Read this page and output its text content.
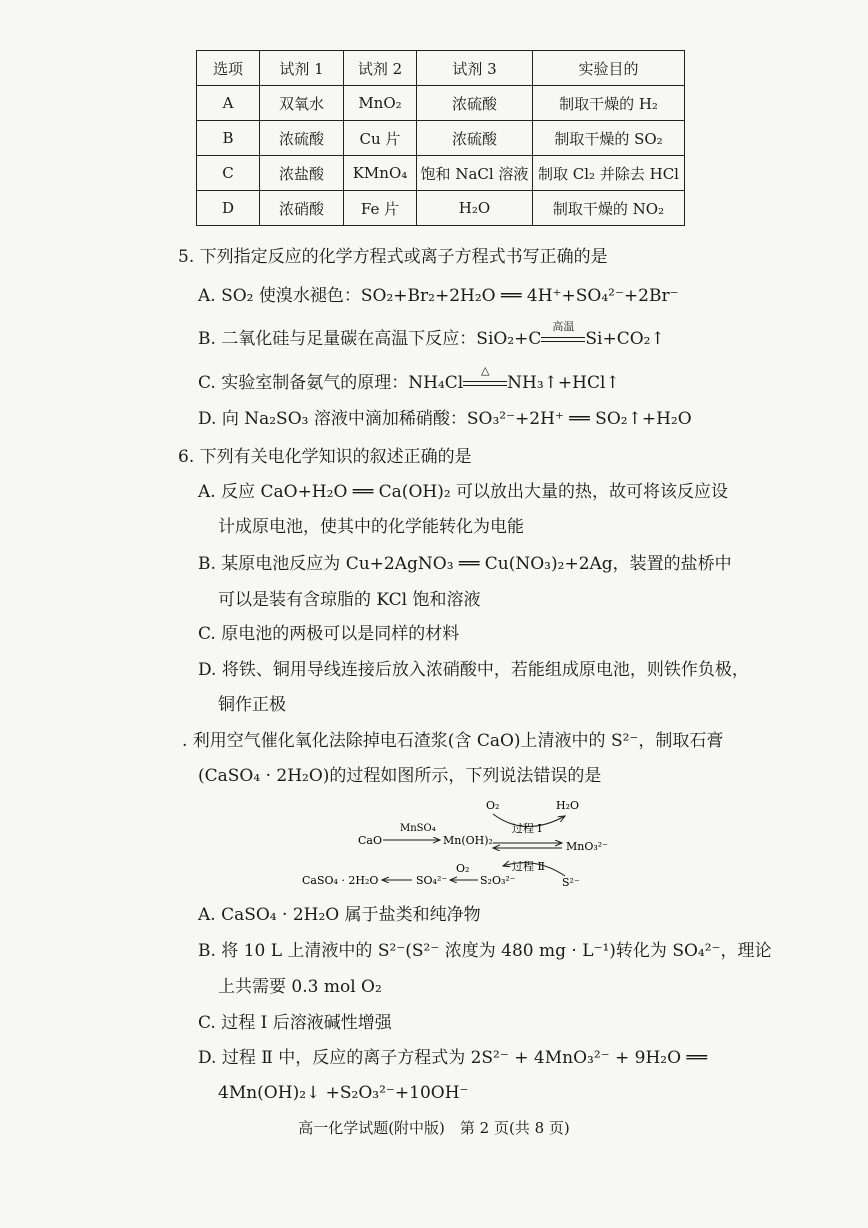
选项	试剂 1	试剂 2	试剂 3	实验目的
A	双氧水	MnO₂	浓硫酸	制取干燥的 H₂
B	浓硫酸	Cu 片	浓硫酸	制取干燥的 SO₂
C	浓盐酸	KMnO₄	饱和 NaCl 溶液	制取 Cl₂ 并除去 HCl
D	浓硝酸	Fe 片	H₂O	制取干燥的 NO₂
5. 下列指定反应的化学方程式或离子方程式书写正确的是
A. SO₂ 使溴水褪色：SO₂+Br₂+2H₂O ══ 4H⁺+SO₄²⁻+2Br⁻
B. 二氧化硅与足量碳在高温下反应：SiO₂+C
高温
Si+CO₂↑
C. 实验室制备氨气的原理：NH₄Cl
△
NH₃↑+HCl↑
D. 向 Na₂SO₃ 溶液中滴加稀硝酸：SO₃²⁻+2H⁺ ══ SO₂↑+H₂O
6. 下列有关电化学知识的叙述正确的是
A. 反应 CaO+H₂O ══ Ca(OH)₂ 可以放出大量的热，故可将该反应设
计成原电池，使其中的化学能转化为电能
B. 某原电池反应为 Cu+2AgNO₃ ══ Cu(NO₃)₂+2Ag，装置的盐桥中
可以是装有含琼脂的 KCl 饱和溶液
C. 原电池的两极可以是同样的材料
D. 将铁、铜用导线连接后放入浓硝酸中，若能组成原电池，则铁作负极，
铜作正极
. 利用空气催化氧化法除掉电石渣浆(含 CaO)上清液中的 S²⁻，制取石膏
(CaSO₄ · 2H₂O)的过程如图所示，下列说法错误的是
CaO
MnSO₄
Mn(OH)₂
O₂	H₂O
过程 Ⅰ
MnO₃²⁻
过程 Ⅱ
S²⁻
CaSO₄ · 2H₂O	SO₄²⁻
O₂
S₂O₃²⁻
A. CaSO₄ · 2H₂O 属于盐类和纯净物
B. 将 10 L 上清液中的 S²⁻(S²⁻ 浓度为 480 mg · L⁻¹)转化为 SO₄²⁻，理论
上共需要 0.3 mol O₂
C. 过程 Ⅰ 后溶液碱性增强
D. 过程 Ⅱ 中，反应的离子方程式为 2S²⁻ + 4MnO₃²⁻ + 9H₂O ══
4Mn(OH)₂↓ +S₂O₃²⁻+10OH⁻
高一化学试题(附中版)　第 2 页(共 8 页)
